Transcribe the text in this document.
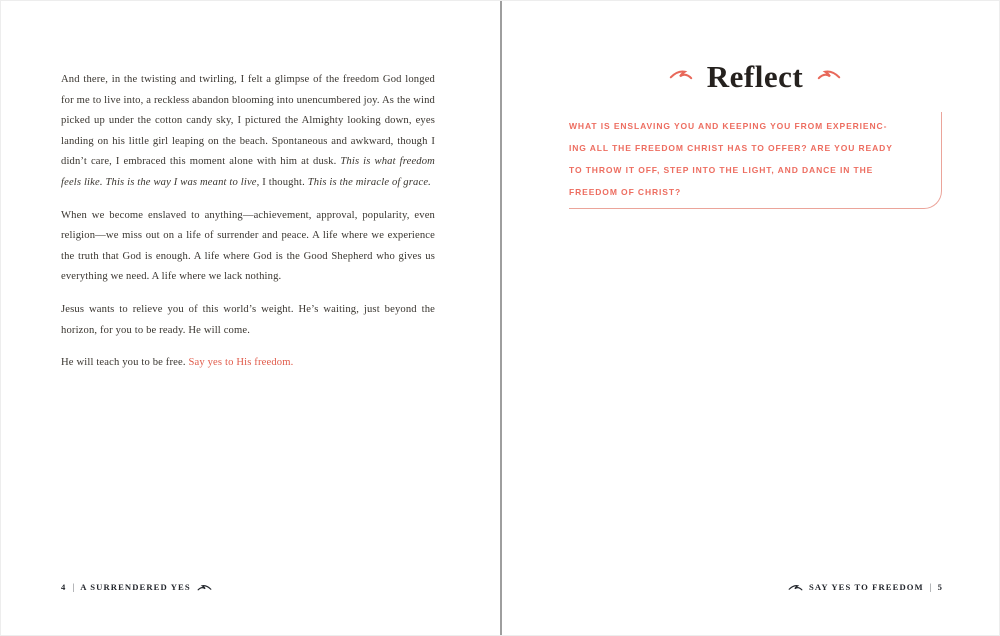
And there, in the twisting and twirling, I felt a glimpse of the freedom God longed for me to live into, a reckless abandon blooming into unencumbered joy. As the wind picked up under the cotton candy sky, I pictured the Almighty looking down, eyes landing on his little girl leaping on the beach. Spontaneous and awkward, though I didn’t care, I embraced this moment alone with him at dusk. This is what freedom feels like. This is the way I was meant to live, I thought. This is the miracle of grace.

When we become enslaved to anything—achievement, approval, popularity, even religion—we miss out on a life of surrender and peace. A life where we experience the truth that God is enough. A life where God is the Good Shepherd who gives us everything we need. A life where we lack nothing.

Jesus wants to relieve you of this world’s weight. He’s waiting, just beyond the horizon, for you to be ready. He will come.

He will teach you to be free. Say yes to His freedom.

4 | A SURRENDERED YES
Reflect
WHAT IS ENSLAVING YOU AND KEEPING YOU FROM EXPERIENC-
ING ALL THE FREEDOM CHRIST HAS TO OFFER? ARE YOU READY
TO THROW IT OFF, STEP INTO THE LIGHT, AND DANCE IN THE
FREEDOM OF CHRIST?
SAY YES TO FREEDOM | 5
